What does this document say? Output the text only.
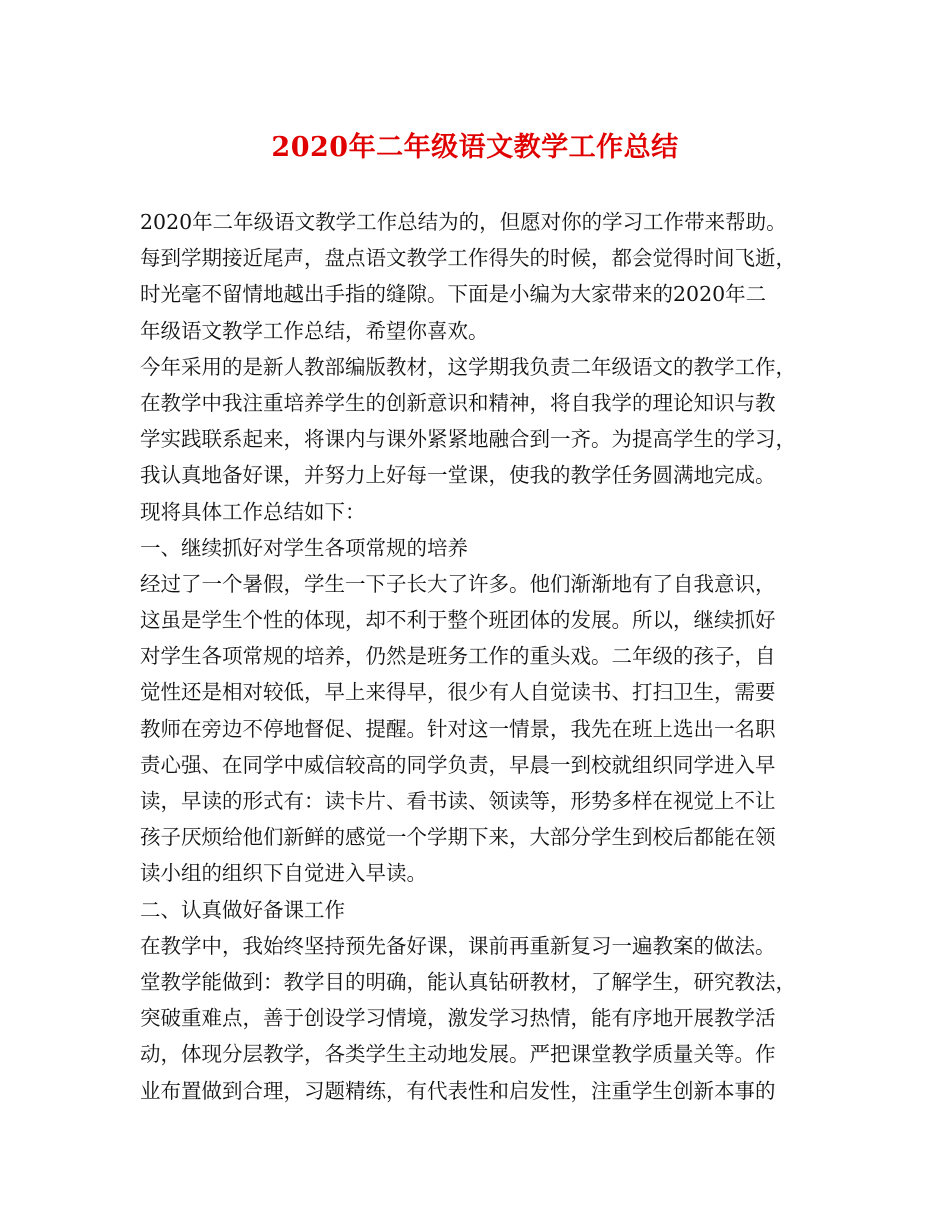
2020年二年级语文教学工作总结
2020年二年级语文教学工作总结为的，但愿对你的学习工作带来帮助。
每到学期接近尾声，盘点语文教学工作得失的时候，都会觉得时间飞逝，
时光毫不留情地越出手指的缝隙。下面是小编为大家带来的2020年二
年级语文教学工作总结，希望你喜欢。
今年采用的是新人教部编版教材，这学期我负责二年级语文的教学工作，
在教学中我注重培养学生的创新意识和精神，将自我学的理论知识与教
学实践联系起来，将课内与课外紧紧地融合到一齐。为提高学生的学习，
我认真地备好课，并努力上好每一堂课，使我的教学任务圆满地完成。
现将具体工作总结如下：
一、继续抓好对学生各项常规的培养
经过了一个暑假，学生一下子长大了许多。他们渐渐地有了自我意识，
这虽是学生个性的体现，却不利于整个班团体的发展。所以，继续抓好
对学生各项常规的培养，仍然是班务工作的重头戏。二年级的孩子，自
觉性还是相对较低，早上来得早，很少有人自觉读书、打扫卫生，需要
教师在旁边不停地督促、提醒。针对这一情景，我先在班上选出一名职
责心强、在同学中威信较高的同学负责，早晨一到校就组织同学进入早
读，早读的形式有：读卡片、看书读、领读等，形势多样在视觉上不让
孩子厌烦给他们新鲜的感觉一个学期下来，大部分学生到校后都能在领
读小组的组织下自觉进入早读。
二、认真做好备课工作
在教学中，我始终坚持预先备好课，课前再重新复习一遍教案的做法。
堂教学能做到：教学目的明确，能认真钻研教材，了解学生，研究教法，
突破重难点，善于创设学习情境，激发学习热情，能有序地开展教学活
动，体现分层教学，各类学生主动地发展。严把课堂教学质量关等。作
业布置做到合理，习题精练，有代表性和启发性，注重学生创新本事的
